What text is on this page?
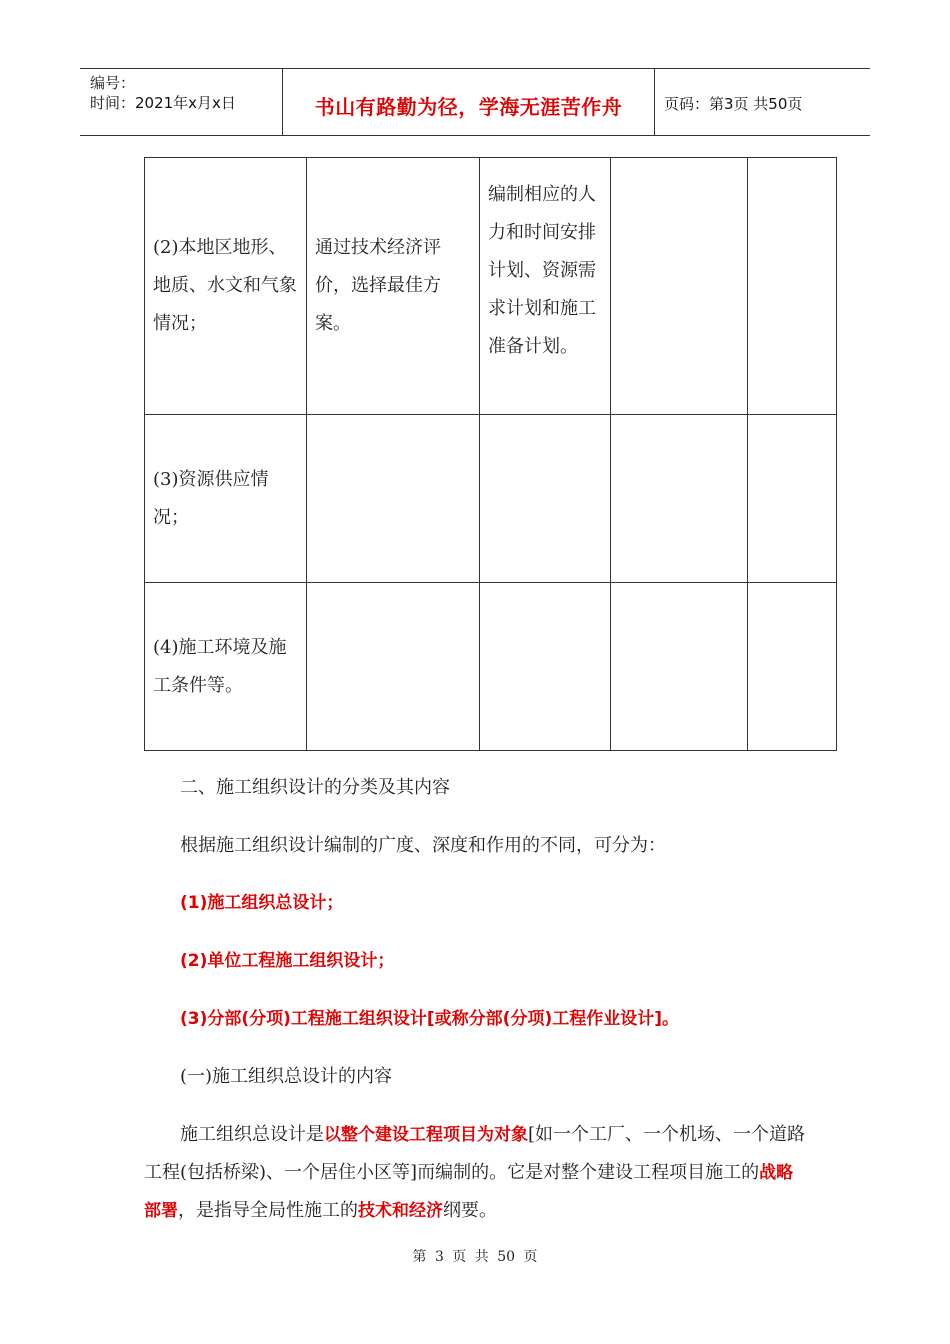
编号：
时间：2021年x月x日	书山有路勤为径，学海无涯苦作舟	页码：第3页 共50页
(2)本地区地形、地质、水文和气象情况；	通过技术经济评价，选择最佳方案。	编制相应的人力和时间安排计划、资源需求计划和施工准备计划。		
(3)资源供应情况；				
(4)施工环境及施工条件等。				
二、施工组织设计的分类及其内容
根据施工组织设计编制的广度、深度和作用的不同，可分为：
(1)施工组织总设计；
(2)单位工程施工组织设计；
(3)分部(分项)工程施工组织设计[或称分部(分项)工程作业设计]。
(一)施工组织总设计的内容
施工组织总设计是以整个建设工程项目为对象[如一个工厂、一个机场、一个道路工程(包括桥梁)、一个居住小区等]而编制的。它是对整个建设工程项目施工的战略部署，是指导全局性施工的技术和经济纲要。
第 3 页 共 50 页
